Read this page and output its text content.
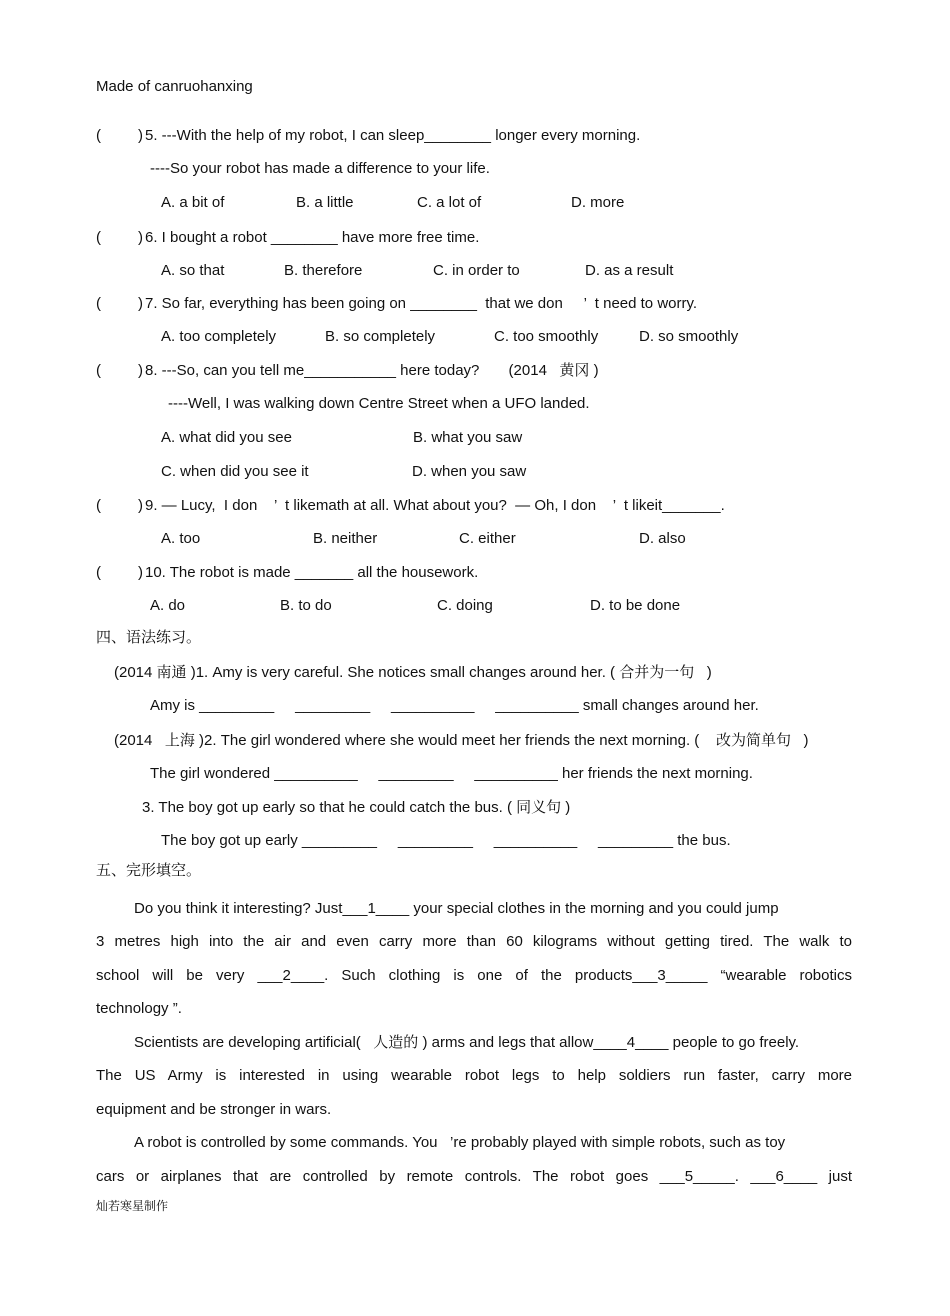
Made of canruohanxing
( ) 5. ---With the help of my robot, I can sleep________ longer every morning.
----So your robot has made a difference to your life.
A. a bit of	B. a little	C. a lot of	D. more
( ) 6. I bought a robot ________ have more free time.
A. so that	B. therefore	C. in order to	D. as a result
( ) 7. So far, everything has been going on ________  that we don     ’  t need to worry.
A. too completely	B. so completely	C. too smoothly	D. so smoothly
( ) 8. ---So, can you tell me___________ here today?       (2014   黄冈 )
----Well, I was walking down Centre Street when a UFO landed.
A. what did you see	B. what you saw
C. when did you see it	D. when you saw
( ) 9. — Lucy,  I don    ’  t likemath at all. What about you?  — Oh, I don    ’  t likeit_______.
A. too	B. neither	C. either	D. also
( ) 10. The robot is made _______ all the housework.
A. do	B. to do	C. doing	D. to be done
四、语法练习。
(2014 南通 )1. Amy is very careful. She notices small changes around her. ( 合并为一句   )
Amy is _________     _________     __________     __________ small changes around her.
(2014   上海 )2. The girl wondered where she would meet her friends the next morning. (    改为简单句   )
The girl wondered __________     _________     __________ her friends the next morning.
3. The boy got up early so that he could catch the bus. ( 同义句 )
The boy got up early _________     _________     __________     _________ the bus.
五、完形填空。
Do you think it interesting? Just___1____ your special clothes in the morning and you could jump
3 metres high into the air and even carry more than 60 kilograms without getting tired. The walk to
school will be very ___2____. Such clothing is one of the products___3_____ “wearable robotics
technology ”.
Scientists are developing artificial(   人造的 ) arms and legs that allow____4____ people to go freely.
The US Army is interested in using wearable robot legs to help soldiers run faster, carry more
equipment and be stronger in wars.
A robot is controlled by some commands. You   ’re probably played with simple robots, such as toy
cars or airplanes that are controlled by remote controls. The robot goes ___5_____. ___6____ just
灿若寒星制作
